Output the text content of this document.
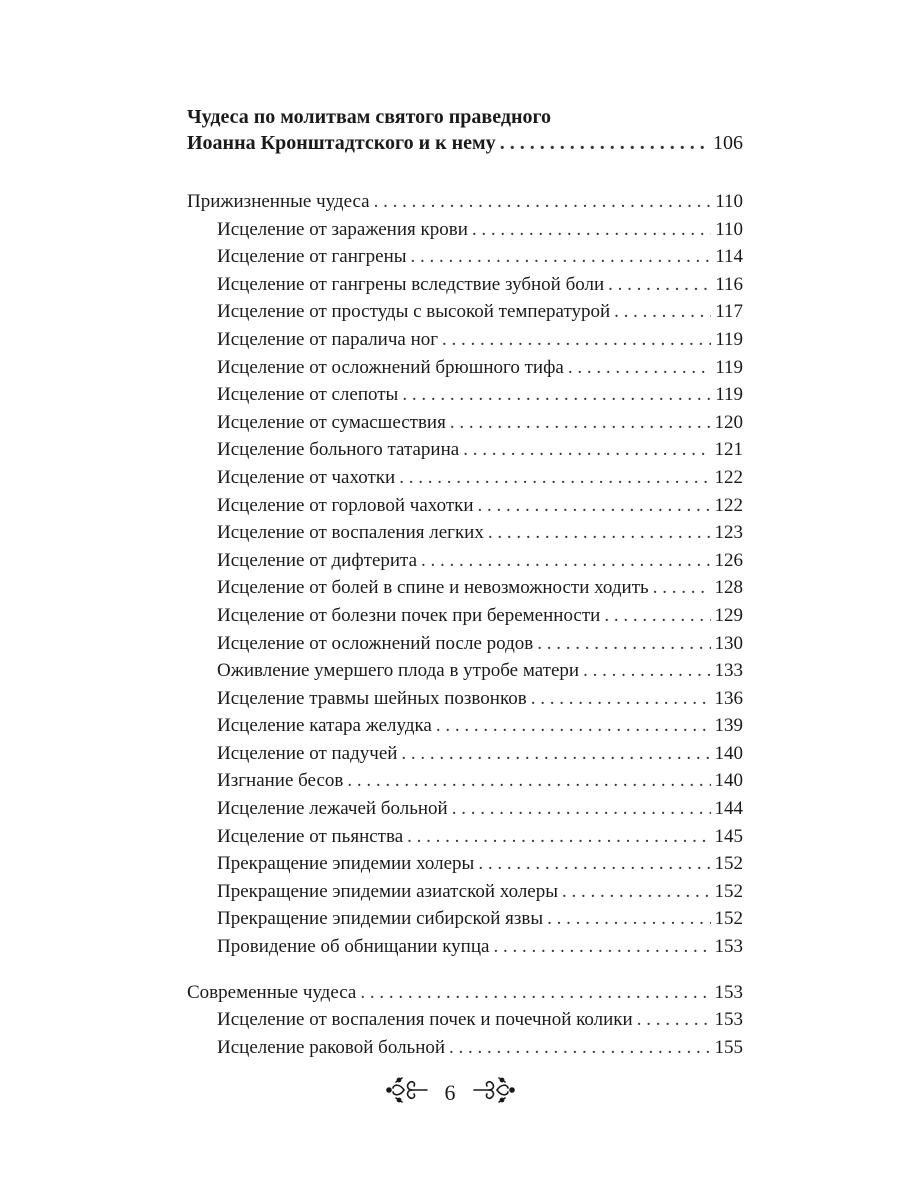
Чудеса по молитвам святого праведного
Иоанна Кронштадтского и к нему . . .	106
Прижизненные чудеса . . .	110
Исцеление от заражения крови . . .	110
Исцеление от гангрены . . .	114
Исцеление от гангрены вследствие зубной боли . . .	116
Исцеление от простуды с высокой температурой . . .	117
Исцеление от паралича ног . . .	119
Исцеление от осложнений брюшного тифа . . .	119
Исцеление от слепоты . . .	119
Исцеление от сумасшествия . . .	120
Исцеление больного татарина . . .	121
Исцеление от чахотки . . .	122
Исцеление от горловой чахотки . . .	122
Исцеление от воспаления легких . . .	123
Исцеление от дифтерита . . .	126
Исцеление от болей в спине и невозможности ходить . . .	128
Исцеление от болезни почек при беременности . . .	129
Исцеление от осложнений после родов . . .	130
Оживление умершего плода в утробе матери . . .	133
Исцеление травмы шейных позвонков . . .	136
Исцеление катара желудка . . .	139
Исцеление от падучей . . .	140
Изгнание бесов . . .	140
Исцеление лежачей больной . . .	144
Исцеление от пьянства . . .	145
Прекращение эпидемии холеры . . .	152
Прекращение эпидемии азиатской холеры . . .	152
Прекращение эпидемии сибирской язвы . . .	152
Провидение об обнищании купца . . .	153
Современные чудеса . . .	153
Исцеление от воспаления почек и почечной колики . . .	153
Исцеление раковой больной . . .	155
6
